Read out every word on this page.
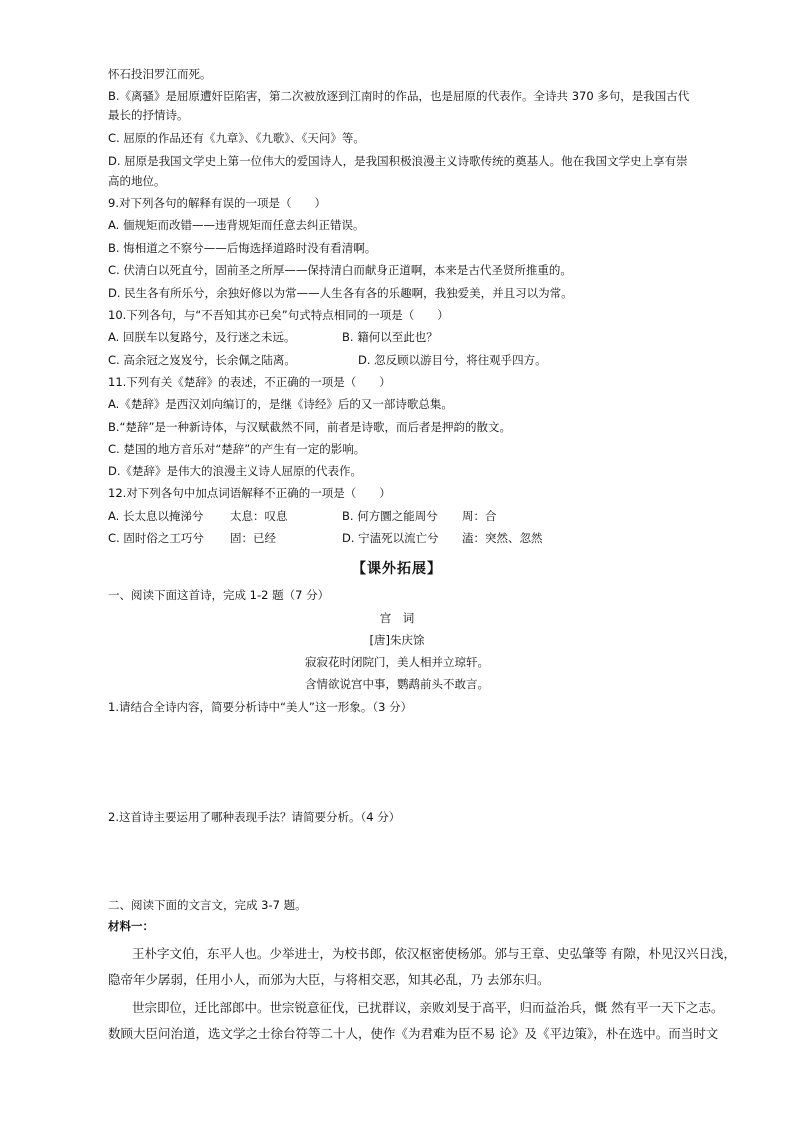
怀石投汨罗江而死。

B.《离骚》是屈原遭奸臣陷害，第二次被放逐到江南时的作品，也是屈原的代表作。全诗共 370 多句，是我国古代

最长的抒情诗。

C. 屈原的作品还有《九章》、《九歌》、《天问》等。

D. 屈原是我国文学史上第一位伟大的爱国诗人，是我国积极浪漫主义诗歌传统的奠基人。他在我国文学史上享有崇

高的地位。

9.对下列各句的解释有误的一项是（　　）

A. 偭规矩而改错——违背规矩而任意去纠正错误。

B. 悔相道之不察兮——后悔选择道路时没有看清啊。

C. 伏清白以死直兮，固前圣之所厚——保持清白而献身正道啊，本来是古代圣贤所推重的。

D. 民生各有所乐兮，余独好修以为常——人生各有各的乐趣啊，我独爱美，并且习以为常。

10.下列各句，与“不吾知其亦已矣”句式特点相同的一项是（　　）

A. 回朕车以复路兮，及行迷之未远。	B. 籍何以至此也？

C. 高余冠之岌岌兮，长余佩之陆离。	D. 忽反顾以游目兮，将往观乎四方。

11.下列有关《楚辞》的表述，不正确的一项是（　　）

A.《楚辞》是西汉刘向编订的，是继《诗经》后的又一部诗歌总集。

B.“楚辞”是一种新诗体，与汉赋截然不同，前者是诗歌，而后者是押韵的散文。

C. 楚国的地方音乐对“楚辞”的产生有一定的影响。

D.《楚辞》是伟大的浪漫主义诗人屈原的代表作。

12.对下列各句中加点词语解释不正确的一项是（　　）

A. 长太息以掩涕兮 太息：叹息	B. 何方圜之能周兮 周：合

C. 固时俗之工巧兮 固：已经	D. 宁溘死以流亡兮 溘：突然、忽然
【课外拓展】

一、阅读下面这首诗，完成 1-2 题（7 分）

宫　词
[唐]朱庆馀
寂寂花时闭院门，美人相并立琼轩。
含情欲说宫中事，鹦鹉前头不敢言。

1.请结合全诗内容，简要分析诗中“美人”这一形象。（3 分）

2.这首诗主要运用了哪种表现手法？请简要分析。（4 分）

二、阅读下面的文言文，完成 3-7 题。

材料一：

王朴字文伯，东平人也。少举进士，为校书郎，依汉枢密使杨邠。邠与王章、史弘肇等 有隙，朴见汉兴日浅，
隐帝年少孱弱，任用小人，而邠为大臣，与将相交恶，知其必乱，乃 去邠东归。
世宗即位，迁比部郎中。世宗锐意征伐，已扰群议，亲败刘旻于高平，归而益治兵，慨 然有平一天下之志。
数顾大臣问治道，选文学之士徐台符等二十人，使作《为君难为臣不易 论》及《平边策》，朴在选中。而当时文
